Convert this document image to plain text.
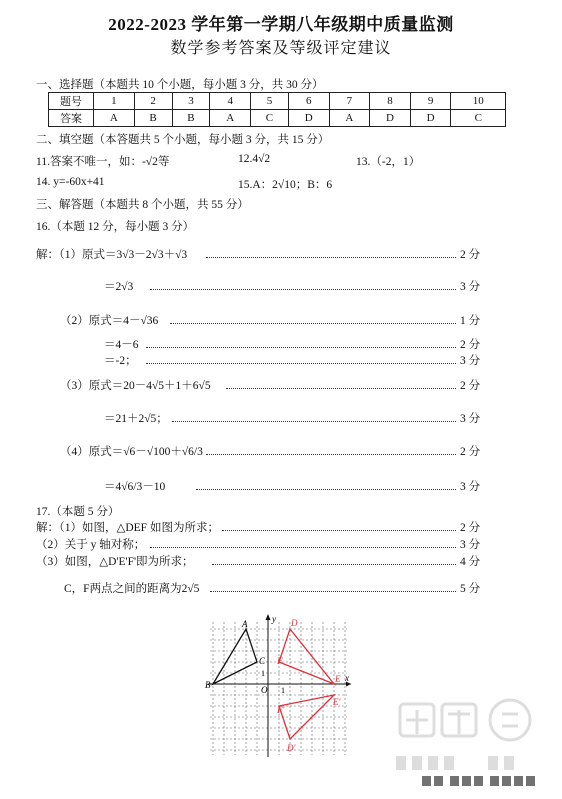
2022-2023 学年第一学期八年级期中质量监测
数学参考答案及等级评定建议
一、选择题（本题共 10 个小题，每小题 3 分，共 30 分）
题号	1	2	3	4	5	6	7	8	9	10
答案	A	B	B	A	C	D	A	D	D	C
二、填空题（本答题共 5 个小题，每小题 3 分，共 15 分）
11.答案不唯一，如：-√2等	12.4√2	13.（-2，1）
14. y=-60x+41	15.A：2√10；B：6
三、解答题（本题共 8 个小题，共 55 分）
16.（本题 12 分，每小题 3 分）
解：（1）原式＝3√3－2√3＋√3	2 分
＝2√3	3 分
（2）原式＝4－√36	1 分
＝4－6	2 分
＝-2；	3 分
（3）原式＝20－4√5＋1＋6√5	2 分
＝21＋2√5；	3 分
（4）原式＝√6－√100＋√6/3	2 分
＝4√6/3－10	3 分
17.（本题 5 分）
解：（1）如图，△DEF 如图为所求；	2 分
（2）关于 y 轴对称；	3 分
（3）如图，△D'E'F'即为所求；	4 分
C，F两点之间的距离为2√5	5 分
y
x
O 1
1
A
B
C
D
E
F
D'
E'
F'
